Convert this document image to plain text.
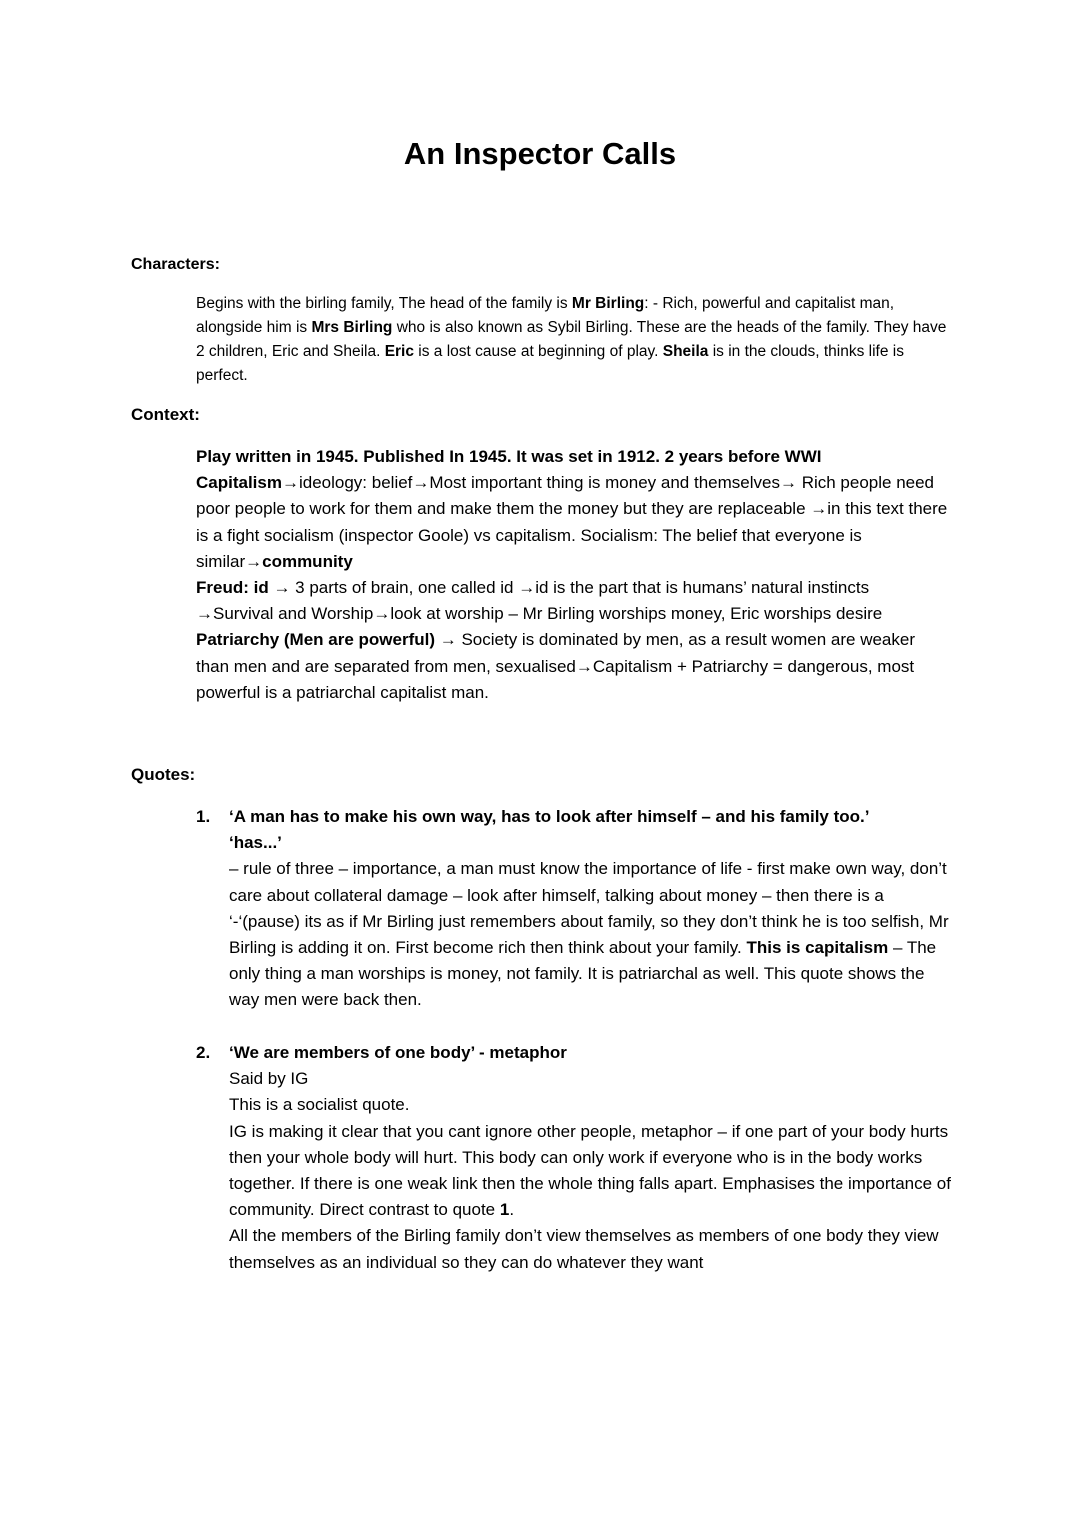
An Inspector Calls
Characters:

Begins with the birling family, The head of the family is Mr Birling: - Rich, powerful and capitalist man, alongside him is Mrs Birling who is also known as Sybil Birling. These are the heads of the family. They have 2 children, Eric and Sheila. Eric is a lost cause at beginning of play. Sheila is in the clouds, thinks life is perfect.

Context:

Play written in 1945. Published In 1945. It was set in 1912. 2 years before WWI

Capitalism→ideology: belief→Most important thing is money and themselves→ Rich people need poor people to work for them and make them the money but they are replaceable →in this text there is a fight socialism (inspector Goole) vs capitalism. Socialism: The belief that everyone is similar→community

Freud: id → 3 parts of brain, one called id →id is the part that is humans’ natural instincts →Survival and Worship→look at worship – Mr Birling worships money, Eric worships desire

Patriarchy (Men are powerful) → Society is dominated by men, as a result women are weaker than men and are separated from men, sexualised→Capitalism + Patriarchy = dangerous, most powerful is a patriarchal capitalist man.

Quotes:
1. ‘A man has to make his own way, has to look after himself – and his family too.’

‘has...’

– rule of three – importance, a man must know the importance of life - first make own way, don’t care about collateral damage – look after himself, talking about money – then there is a ‘-‘(pause) its as if Mr Birling just remembers about family, so they don’t think he is too selfish, Mr Birling is adding it on. First become rich then think about your family. This is capitalism – The only thing a man worships is money, not family. It is patriarchal as well. This quote shows the way men were back then.

2. ‘We are members of one body’ - metaphor

Said by IG

This is a socialist quote.

IG is making it clear that you cant ignore other people, metaphor – if one part of your body hurts then your whole body will hurt. This body can only work if everyone who is in the body works together. If there is one weak link then the whole thing falls apart. Emphasises the importance of community. Direct contrast to quote 1.

All the members of the Birling family don’t view themselves as members of one body they view themselves as an individual so they can do whatever they want
